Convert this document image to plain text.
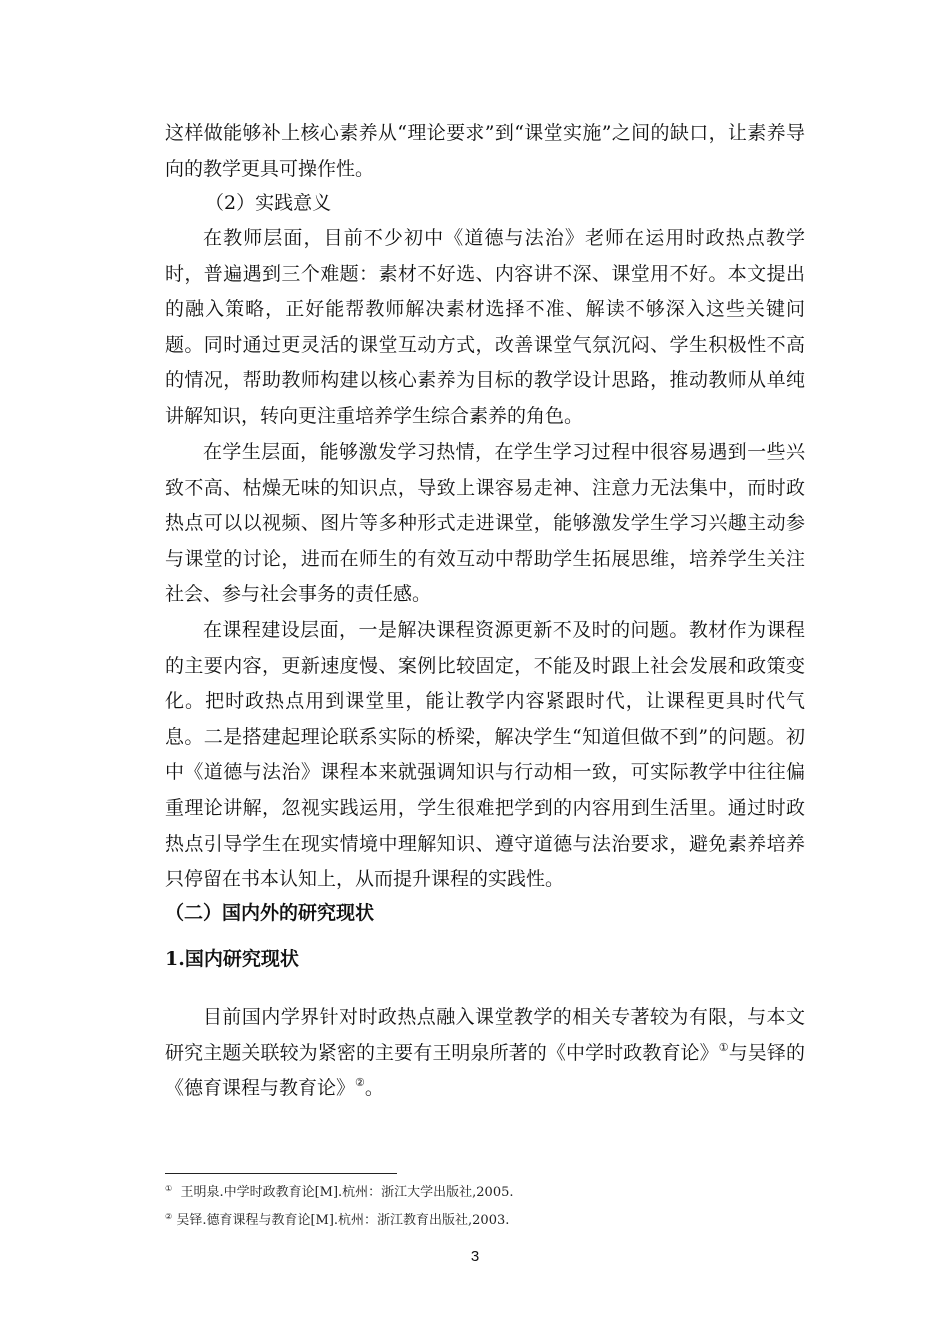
这样做能够补上核心素养从“理论要求”到“课堂实施”之间的缺口，让素养导向的教学更具可操作性。

（2）实践意义

在教师层面，目前不少初中《道德与法治》老师在运用时政热点教学时，普遍遇到三个难题：素材不好选、内容讲不深、课堂用不好。本文提出的融入策略，正好能帮教师解决素材选择不准、解读不够深入这些关键问题。同时通过更灵活的课堂互动方式，改善课堂气氛沉闷、学生积极性不高的情况，帮助教师构建以核心素养为目标的教学设计思路，推动教师从单纯讲解知识，转向更注重培养学生综合素养的角色。

在学生层面，能够激发学习热情，在学生学习过程中很容易遇到一些兴致不高、枯燥无味的知识点，导致上课容易走神、注意力无法集中，而时政热点可以以视频、图片等多种形式走进课堂，能够激发学生学习兴趣主动参与课堂的讨论，进而在师生的有效互动中帮助学生拓展思维，培养学生关注社会、参与社会事务的责任感。

在课程建设层面，一是解决课程资源更新不及时的问题。教材作为课程的主要内容，更新速度慢、案例比较固定，不能及时跟上社会发展和政策变化。把时政热点用到课堂里，能让教学内容紧跟时代，让课程更具时代气息。二是搭建起理论联系实际的桥梁，解决学生“知道但做不到”的问题。初中《道德与法治》课程本来就强调知识与行动相一致，可实际教学中往往偏重理论讲解，忽视实践运用，学生很难把学到的内容用到生活里。通过时政热点引导学生在现实情境中理解知识、遵守道德与法治要求，避免素养培养只停留在书本认知上，从而提升课程的实践性。

（二）国内外的研究现状

1.国内研究现状

目前国内学界针对时政热点融入课堂教学的相关专著较为有限，与本文研究主题关联较为紧密的主要有王明泉所著的《中学时政教育论》①与吴铎的《德育课程与教育论》②。

① 王明泉.中学时政教育论[M].杭州：浙江大学出版社,2005.

② 吴铎.德育课程与教育论[M].杭州：浙江教育出版社,2003.

3
